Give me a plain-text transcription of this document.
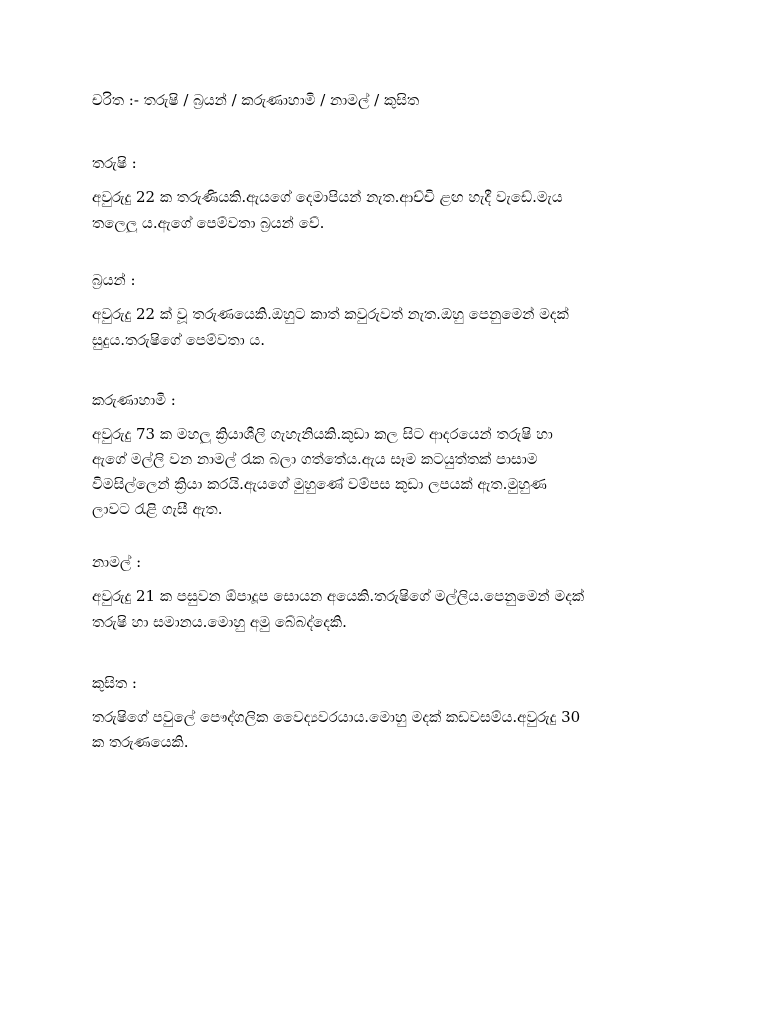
චරිත :- තරුෂි / බ්‍රයන් / කරුණාහාමි / නාමල් / කුසිත
තරුෂි :
අවුරුදු 22 ක තරුණියකි.ඇයගේ දෙමාපියන් නැත.ආච්චි ළඟ හැදී වැඩේ.මැය
තලෙලු ය.ඇගේ පෙම්වතා බ්‍රයන් වේ.
බ්‍රයන් :
අවුරුදු 22 ක් වූ තරුණයෙකි.ඔහුට කාත් කවුරුවත් නැත.ඔහු පෙනුමෙන් මදක්
සුදුය.තරුෂිගේ පෙම්වතා ය.
කරුණාහාමි :
අවුරුදු 73 ක මහලු ක්‍රියාශීලි ගැහැනියකි.කුඩා කල සිට ආදරයෙන් තරුෂි හා
ඇගේ මල්ලි වන නාමල් රැක බලා ගත්තේය.ඇය සෑම කටයුත්තක් පාසාම
විමසිල්ලෙන් ක්‍රියා කරයි.ඇයගේ මුහුණේ වම්පස කුඩා ලපයක් ඇත.මුහුණ
ලාවට රැළි ගැසී ඇත.
නාමල් :
අවුරුදු 21 ක පසුවන ඕපාදූප සොයන අයෙකි.තරුෂිගේ මල්ලිය.පෙනුමෙන් මදක්
තරුෂි හා සමානය.මොහු අමු බේබද්දෙකි.
කුසිත :
තරුෂිගේ පවුලේ පෞද්ගලික වෛද්‍යවරයාය.මොහු මදක් කඩවසම්ය.අවුරුදු 30
ක තරුණයෙකි.
